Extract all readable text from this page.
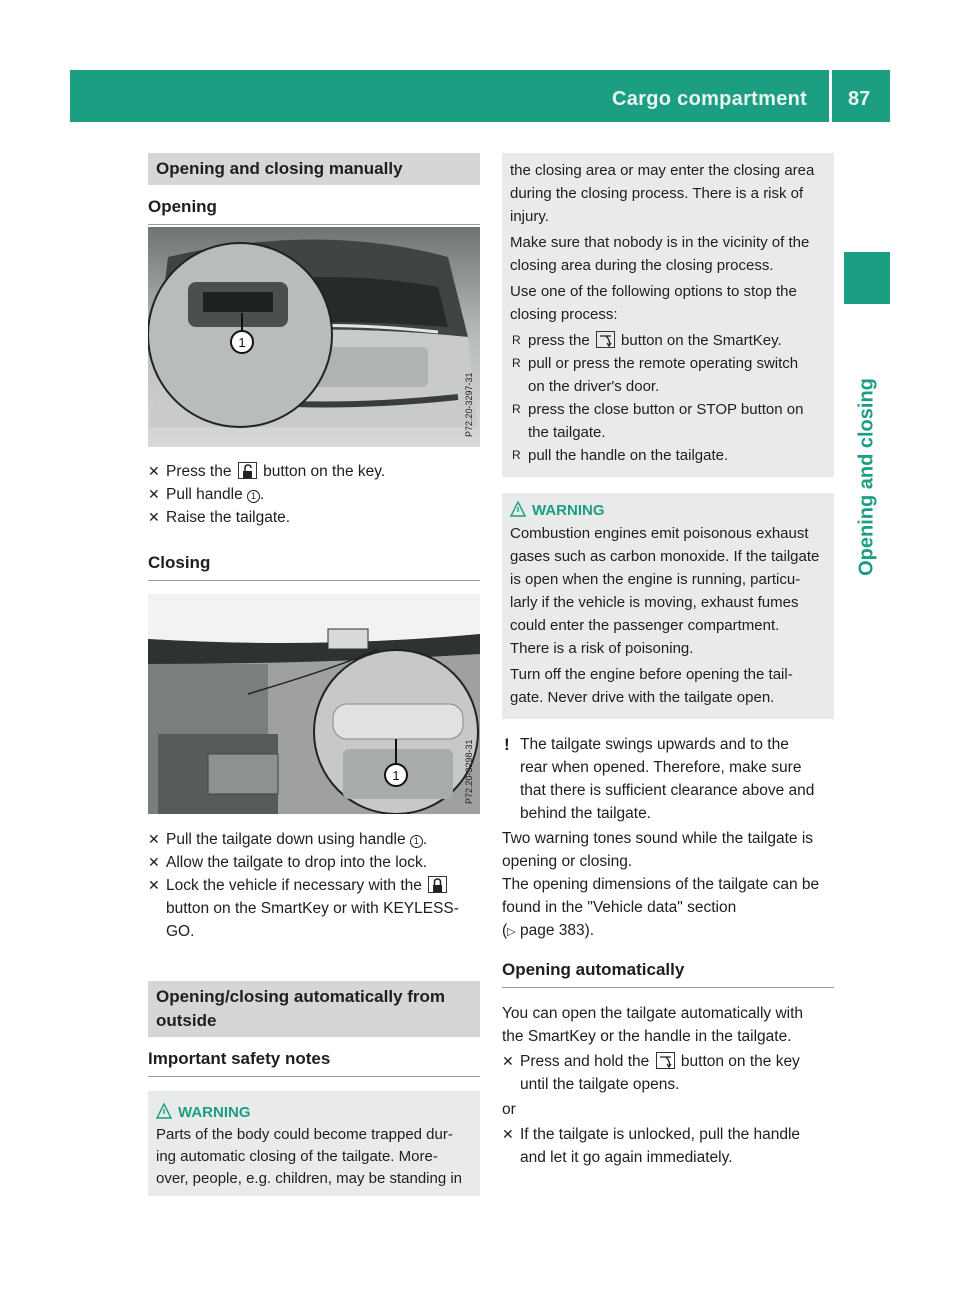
Cargo compartment 87
Opening and closing
Opening and closing manually
Opening
1
P72.20-3297-31
✕ Press the button on the key.
✕ Pull handle 1 .
✕ Raise the tailgate.
Closing
1	P72.20-3298-31
✕ Pull the tailgate down using handle 1 .
✕ Allow the tailgate to drop into the lock.
✕ Lock the vehicle if necessary with the
button on the SmartKey or with KEYLESS-
GO.
Opening/closing automatically from
outside
Important safety notes
WARNING
Parts of the body could become trapped dur-
ing automatic closing of the tailgate. More-
over, people, e.g. children, may be standing in
the closing area or may enter the closing area
during the closing process. There is a risk of
injury.
Make sure that nobody is in the vicinity of the
closing area during the closing process.
Use one of the following options to stop the
closing process:
R press the button on the SmartKey.
R pull or press the remote operating switch
on the driver's door.
R press the close button or STOP button on
the tailgate.
R pull the handle on the tailgate.
WARNING
Combustion engines emit poisonous exhaust
gases such as carbon monoxide. If the tailgate
is open when the engine is running, particu-
larly if the vehicle is moving, exhaust fumes
could enter the passenger compartment.
There is a risk of poisoning.
Turn off the engine before opening the tail-
gate. Never drive with the tailgate open.
! The tailgate swings upwards and to the
rear when opened. Therefore, make sure
that there is sufficient clearance above and
behind the tailgate.
Two warning tones sound while the tailgate is
opening or closing.
The opening dimensions of the tailgate can be
found in the "Vehicle data" section
(▷ page 383).
Opening automatically
You can open the tailgate automatically with
the SmartKey or the handle in the tailgate.
✕ Press and hold the button on the key
until the tailgate opens.
or
✕ If the tailgate is unlocked, pull the handle
and let it go again immediately.
